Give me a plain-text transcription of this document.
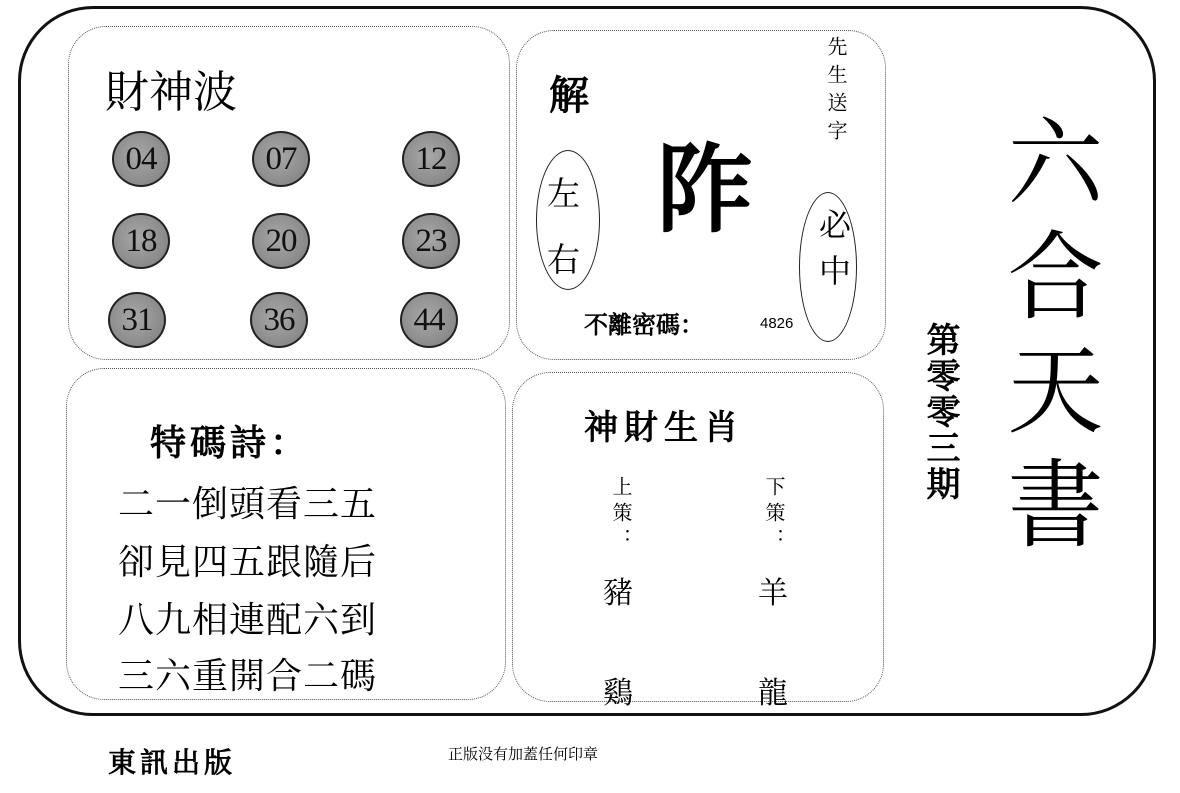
財神波
04	07	12
18	20	23
31	36	44
解
左
右
阼
先生送字
必中
不離密碼：	4826
特碼詩：
二一倒頭看三五
卻見四五跟隨后
八九相連配六到
三六重開合二碼
神財生肖
上策：	下策：
豬	羊
鷄	龍
第零零三期 六合天書
東訊出版	正版没有加蓋任何印章
